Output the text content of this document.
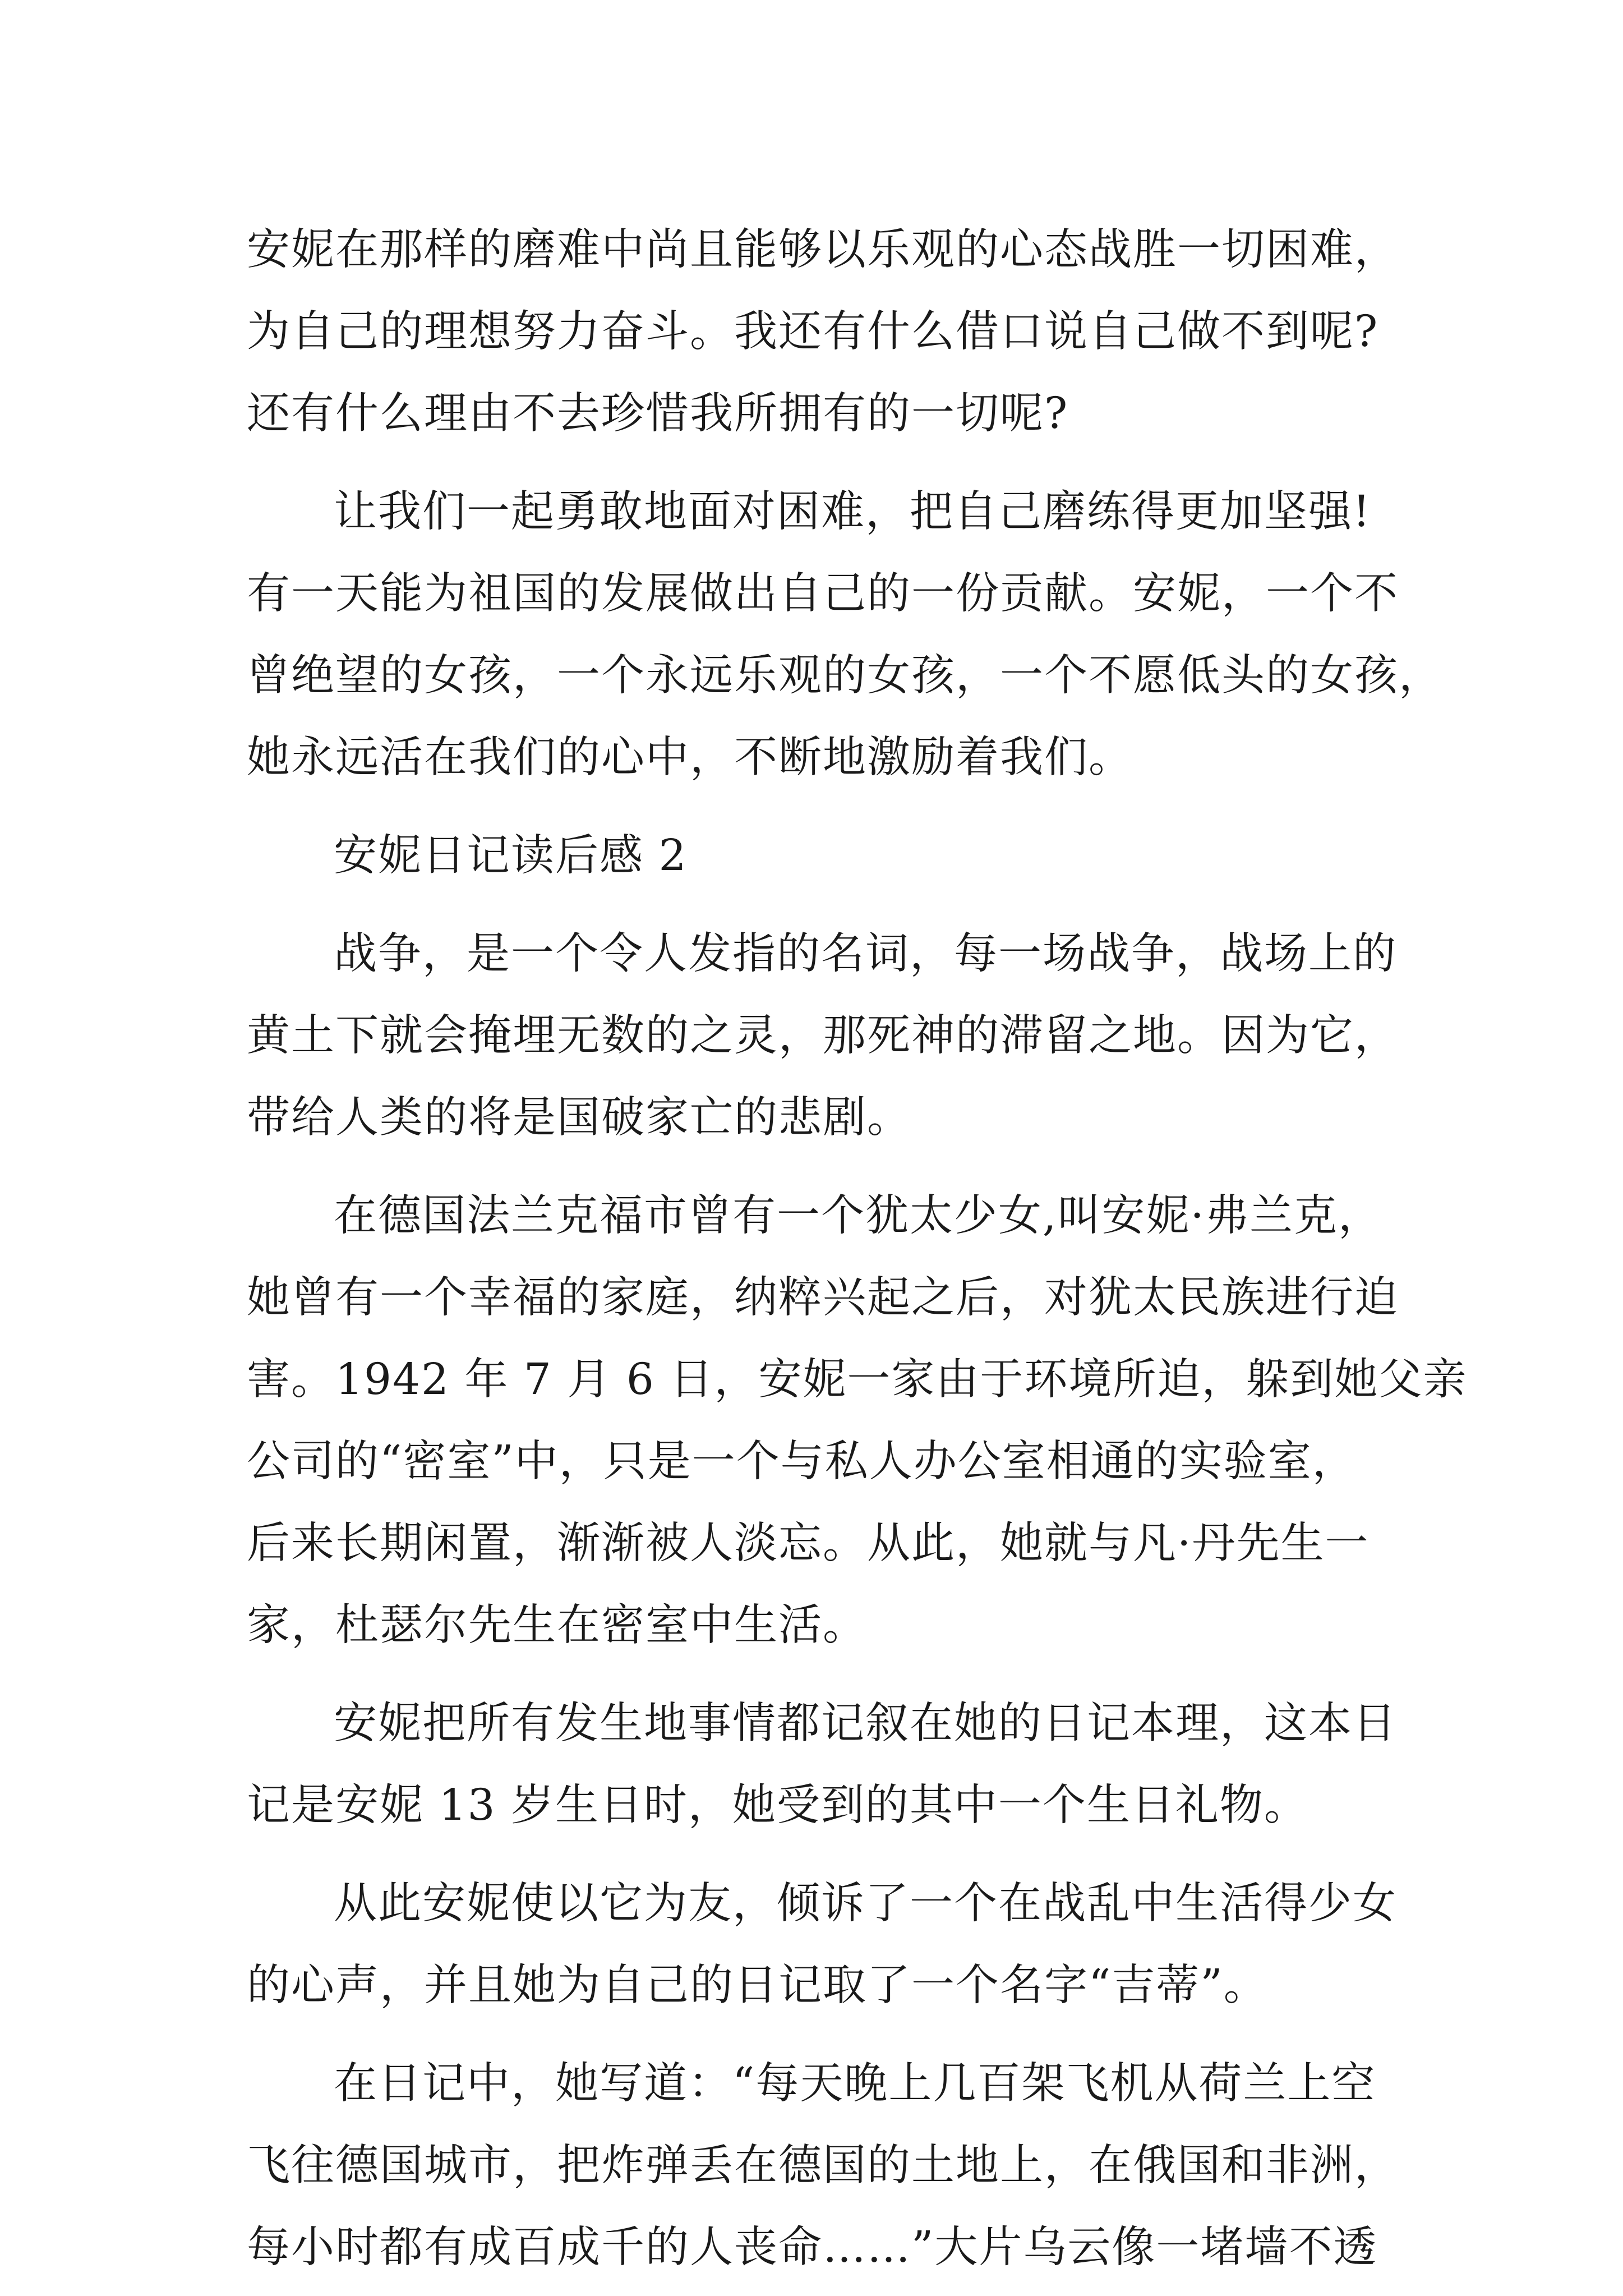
安妮在那样的磨难中尚且能够以乐观的心态战胜一切困难，
为自己的理想努力奋斗。我还有什么借口说自己做不到呢?
还有什么理由不去珍惜我所拥有的一切呢?
让我们一起勇敢地面对困难，把自己磨练得更加坚强!
有一天能为祖国的发展做出自己的一份贡献。安妮，一个不
曾绝望的女孩，一个永远乐观的女孩，一个不愿低头的女孩，
她永远活在我们的心中，不断地激励着我们。
安妮日记读后感 2
战争，是一个令人发指的名词，每一场战争，战场上的
黄土下就会掩埋无数的之灵，那死神的滞留之地。因为它，
带给人类的将是国破家亡的悲剧。
在德国法兰克福市曾有一个犹太少女,叫安妮·弗兰克，
她曾有一个幸福的家庭，纳粹兴起之后，对犹太民族进行迫
害。1942 年 7 月 6 日，安妮一家由于环境所迫，躲到她父亲
公司的“密室”中，只是一个与私人办公室相通的实验室，
后来长期闲置，渐渐被人淡忘。从此，她就与凡·丹先生一
家，杜瑟尔先生在密室中生活。
安妮把所有发生地事情都记叙在她的日记本理，这本日
记是安妮 13 岁生日时，她受到的其中一个生日礼物。
从此安妮使以它为友，倾诉了一个在战乱中生活得少女
的心声，并且她为自己的日记取了一个名字“吉蒂”。
在日记中，她写道：“每天晚上几百架飞机从荷兰上空
飞往德国城市，把炸弹丢在德国的土地上，在俄国和非洲，
每小时都有成百成千的人丧命……”大片乌云像一堵墙不透
